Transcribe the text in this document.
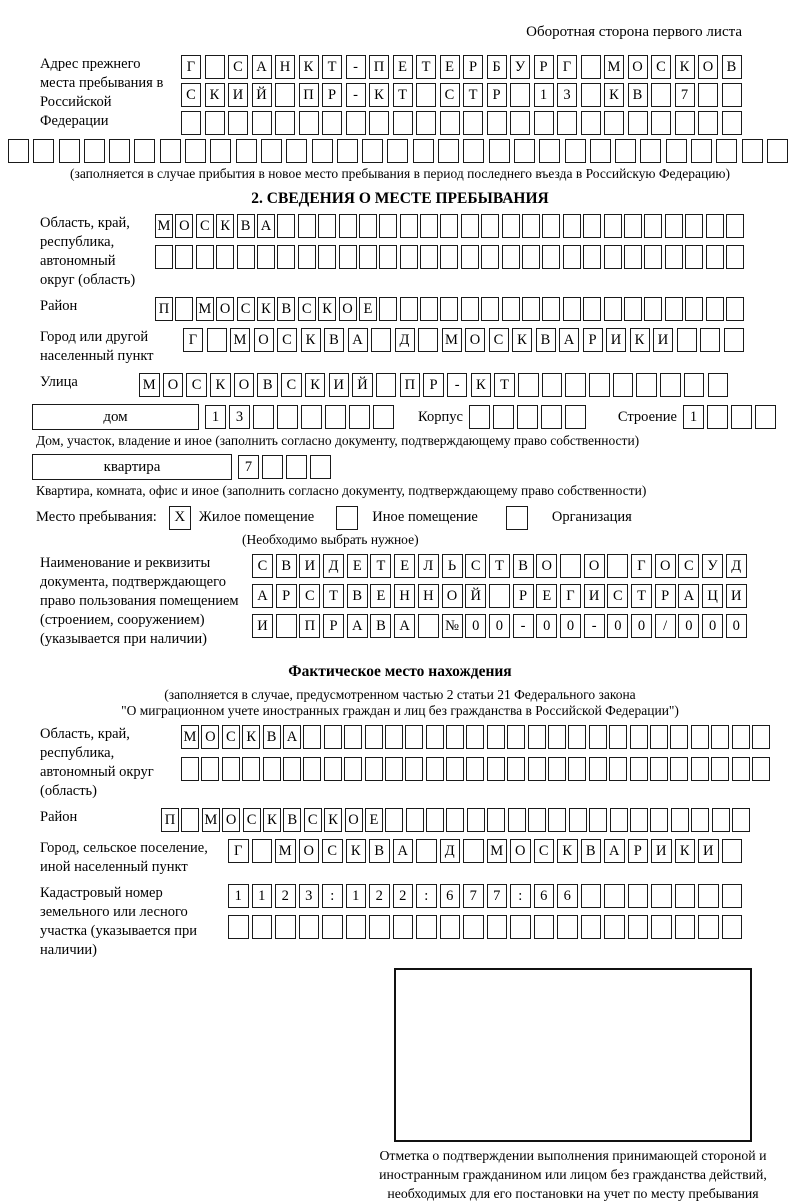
Оборотная сторона первого листа
Адрес прежнего места пребывания в Российской Федерации
Г	С А Н К Т	-	П Е	Т	Е	Р	Б У Р	Г	М О С К О В
С К И Й	П Р	-	К Т	С Т	Р	1	3	К В	7
(заполняется в случае прибытия в новое место пребывания в период последнего въезда в Российскую Федерацию)
2. СВЕДЕНИЯ О МЕСТЕ ПРЕБЫВАНИЯ
Область, край, республика, автономный округ (область)
М О С К В А
Район	П М О С К В С К О Е
Город или другой населенный пункт
Г	М О С К В А	Д	М О С К В А Р И К И
Улица	М О С К О В С К И Й	П Р	-	К Т
дом	1	3	Корпус	Строение 1
Дом, участок, владение и иное (заполнить согласно документу, подтверждающему право собственности)
квартира	7
Квартира, комната, офис и иное (заполнить согласно документу, подтверждающему право собственности)
Место пребывания:	X Жилое помещение	Иное помещение	Организация
(Необходимо выбрать нужное)
Наименование и реквизиты документа, подтверждающего право пользования помещением (строением, сооружением) (указывается при наличии)
С В И Д Е	Т	Е Л	Ь	С Т В О	О	Г О С У Д
А Р	С Т В Е Н Н О Й	Р	Е	Г И С Т	Р А Ц И
И	П Р А В А	№ 0	0	-	0	0	-	0	0	/	0	0	0
Фактическое место нахождения
(заполняется в случае, предусмотренном частью 2 статьи 21 Федерального закона
"О миграционном учете иностранных граждан и лиц без гражданства в Российской Федерации")
Область, край, республика, автономный округ (область)
М О С К В А
Район	П М О С К В С К О Е
Город, сельское поселение, иной населенный пункт
Г	М О С К В А	Д	М О С К В А Р И К И
Кадастровый номер земельного или лесного участка (указывается при наличии)
1	1	2	3	:	1	2	2	:	6	7	7	:	6	6
Отметка о подтверждении выполнения принимающей стороной и иностранным гражданином или лицом без гражданства действий, необходимых для его постановки на учет по месту пребывания
